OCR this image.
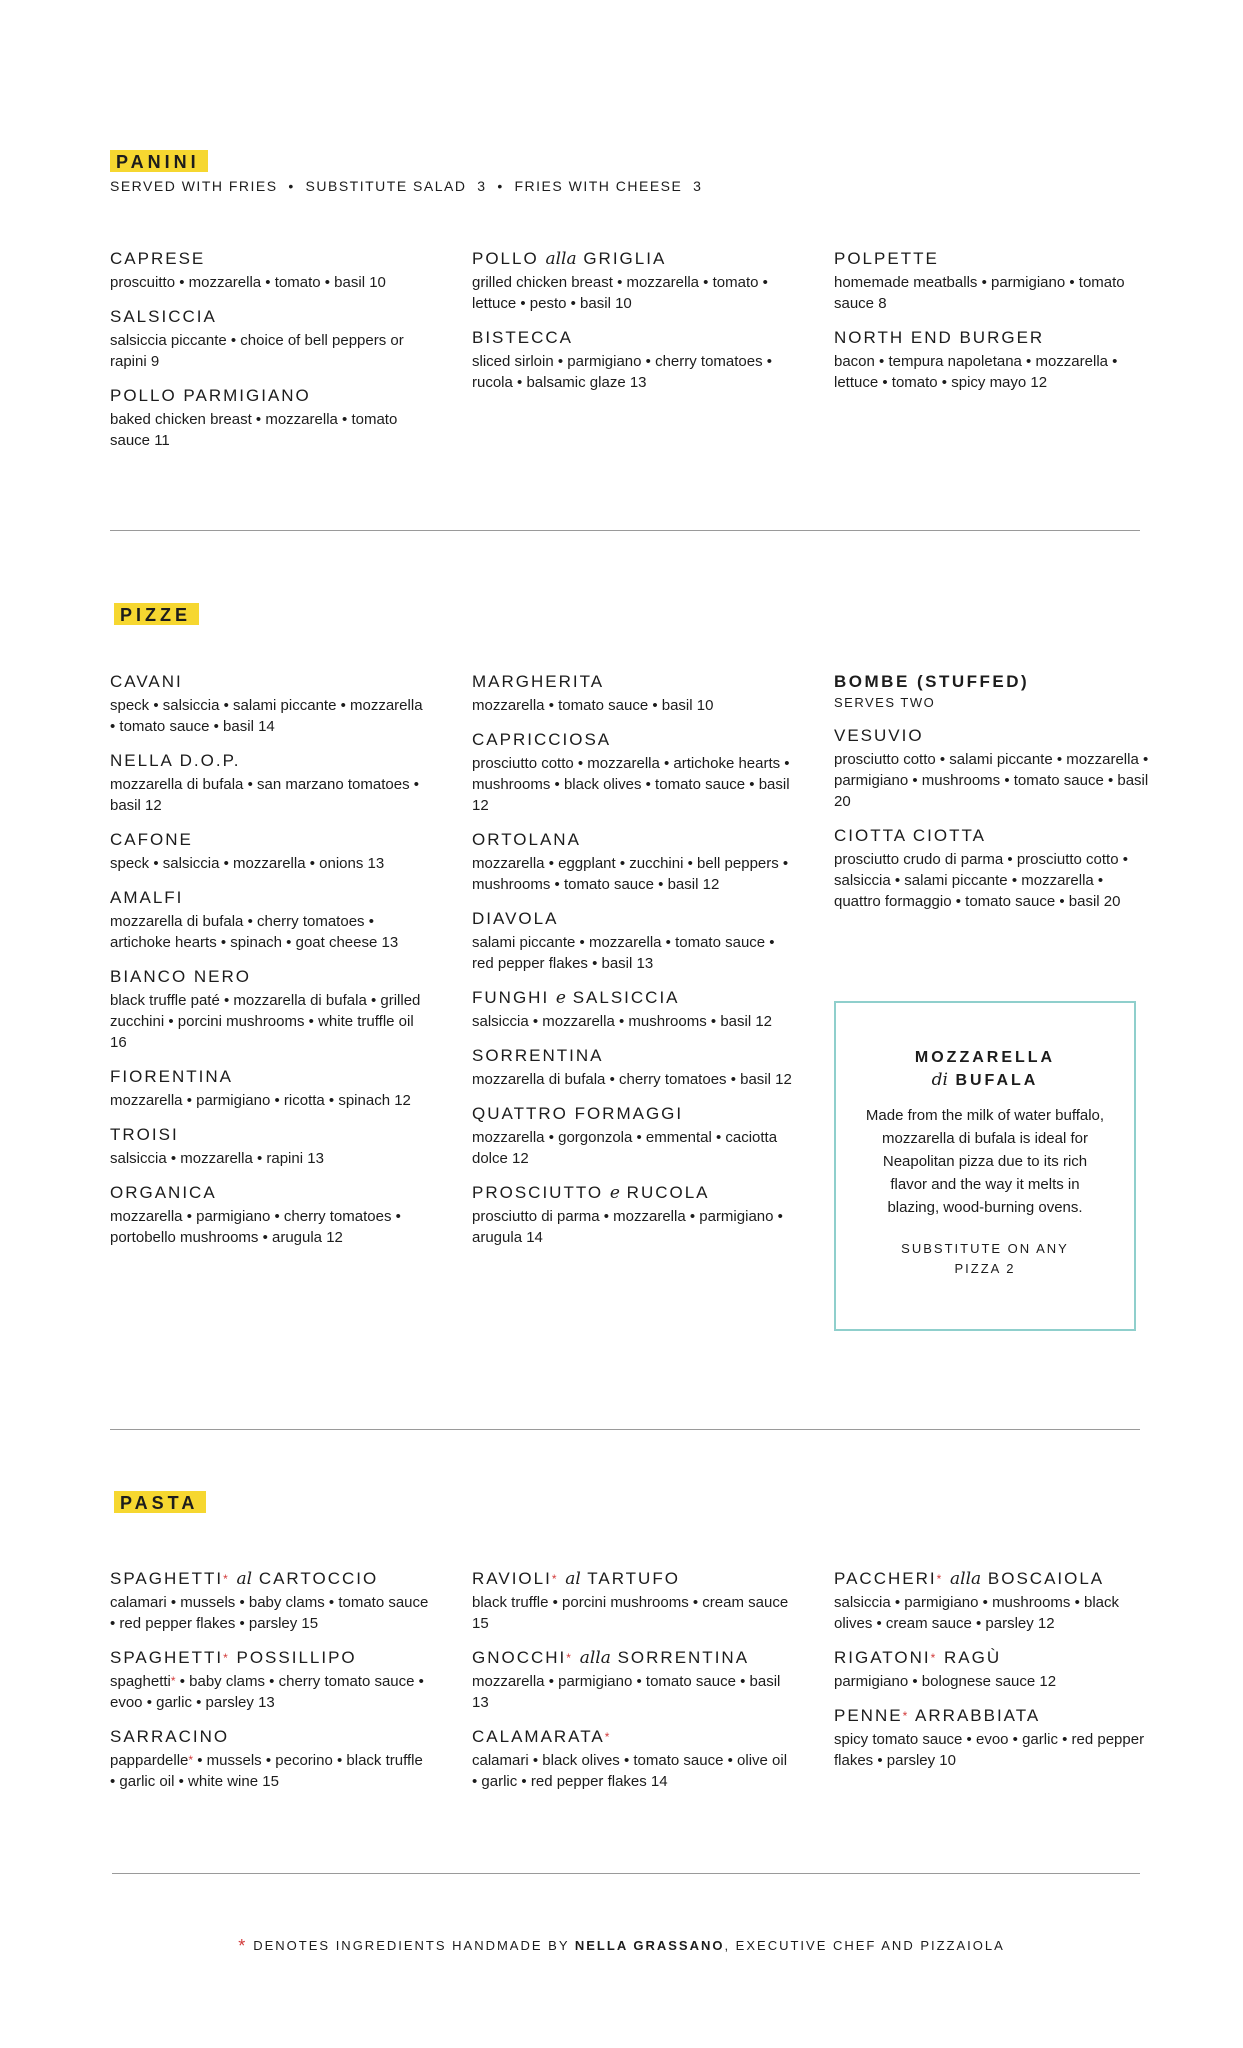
PANINI
SERVED WITH FRIES  •  SUBSTITUTE SALAD  3  •  FRIES WITH CHEESE  3
CAPRESE
proscuitto • mozzarella • tomato • basil 10
SALSICCIA
salsiccia piccante • choice of bell peppers or rapini 9
POLLO PARMIGIANO
baked chicken breast • mozzarella • tomato sauce 11
POLLO alla GRIGLIA
grilled chicken breast • mozzarella • tomato • lettuce • pesto • basil 10
BISTECCA
sliced sirloin • parmigiano • cherry tomatoes • rucola • balsamic glaze 13
POLPETTE
homemade meatballs • parmigiano • tomato sauce 8
NORTH END BURGER
bacon • tempura napoletana • mozzarella • lettuce • tomato • spicy mayo 12
PIZZE
CAVANI
speck • salsiccia • salami piccante • mozzarella • tomato sauce • basil 14
NELLA D.O.P.
mozzarella di bufala • san marzano tomatoes • basil 12
CAFONE
speck • salsiccia • mozzarella • onions 13
AMALFI
mozzarella di bufala • cherry tomatoes • artichoke hearts • spinach • goat cheese 13
BIANCO NERO
black truffle paté • mozzarella di bufala • grilled zucchini • porcini mushrooms • white truffle oil 16
FIORENTINA
mozzarella • parmigiano • ricotta • spinach 12
TROISI
salsiccia • mozzarella • rapini 13
ORGANICA
mozzarella • parmigiano • cherry tomatoes • portobello mushrooms • arugula 12
MARGHERITA
mozzarella • tomato sauce • basil 10
CAPRICCIOSA
prosciutto cotto • mozzarella • artichoke hearts • mushrooms • black olives • tomato sauce • basil 12
ORTOLANA
mozzarella • eggplant • zucchini • bell peppers • mushrooms • tomato sauce • basil 12
DIAVOLA
salami piccante • mozzarella • tomato sauce • red pepper flakes • basil 13
FUNGHI e SALSICCIA
salsiccia • mozzarella • mushrooms • basil 12
SORRENTINA
mozzarella di bufala • cherry tomatoes • basil 12
QUATTRO FORMAGGI
mozzarella • gorgonzola • emmental • caciotta dolce 12
PROSCIUTTO e RUCOLA
prosciutto di parma • mozzarella • parmigiano • arugula 14
BOMBE (STUFFED)
SERVES TWO
VESUVIO
prosciutto cotto • salami piccante • mozzarella • parmigiano • mushrooms • tomato sauce • basil 20
CIOTTA CIOTTA
prosciutto crudo di parma • prosciutto cotto • salsiccia • salami piccante • mozzarella • quattro formaggio • tomato sauce • basil 20
MOZZARELLA
di BUFALA
Made from the milk of water buffalo, mozzarella di bufala is ideal for Neapolitan pizza due to its rich flavor and the way it melts in blazing, wood-burning ovens.
SUBSTITUTE ON ANY PIZZA 2
PASTA
SPAGHETTI* al CARTOCCIO
calamari • mussels • baby clams • tomato sauce • red pepper flakes • parsley 15
SPAGHETTI* POSSILLIPO
spaghetti* • baby clams • cherry tomato sauce • evoo • garlic • parsley 13
SARRACINO
pappardelle* • mussels • pecorino • black truffle • garlic oil • white wine 15
RAVIOLI* al TARTUFO
black truffle • porcini mushrooms • cream sauce 15
GNOCCHI* alla SORRENTINA
mozzarella • parmigiano • tomato sauce • basil 13
CALAMARATA*
calamari • black olives • tomato sauce • olive oil • garlic • red pepper flakes 14
PACCHERI* alla BOSCAIOLA
salsiccia • parmigiano • mushrooms • black olives • cream sauce • parsley 12
RIGATONI* RAGÙ
parmigiano • bolognese sauce 12
PENNE* ARRABBIATA
spicy tomato sauce • evoo • garlic • red pepper flakes • parsley 10
* DENOTES INGREDIENTS HANDMADE BY NELLA GRASSANO, EXECUTIVE CHEF AND PIZZAIOLA
